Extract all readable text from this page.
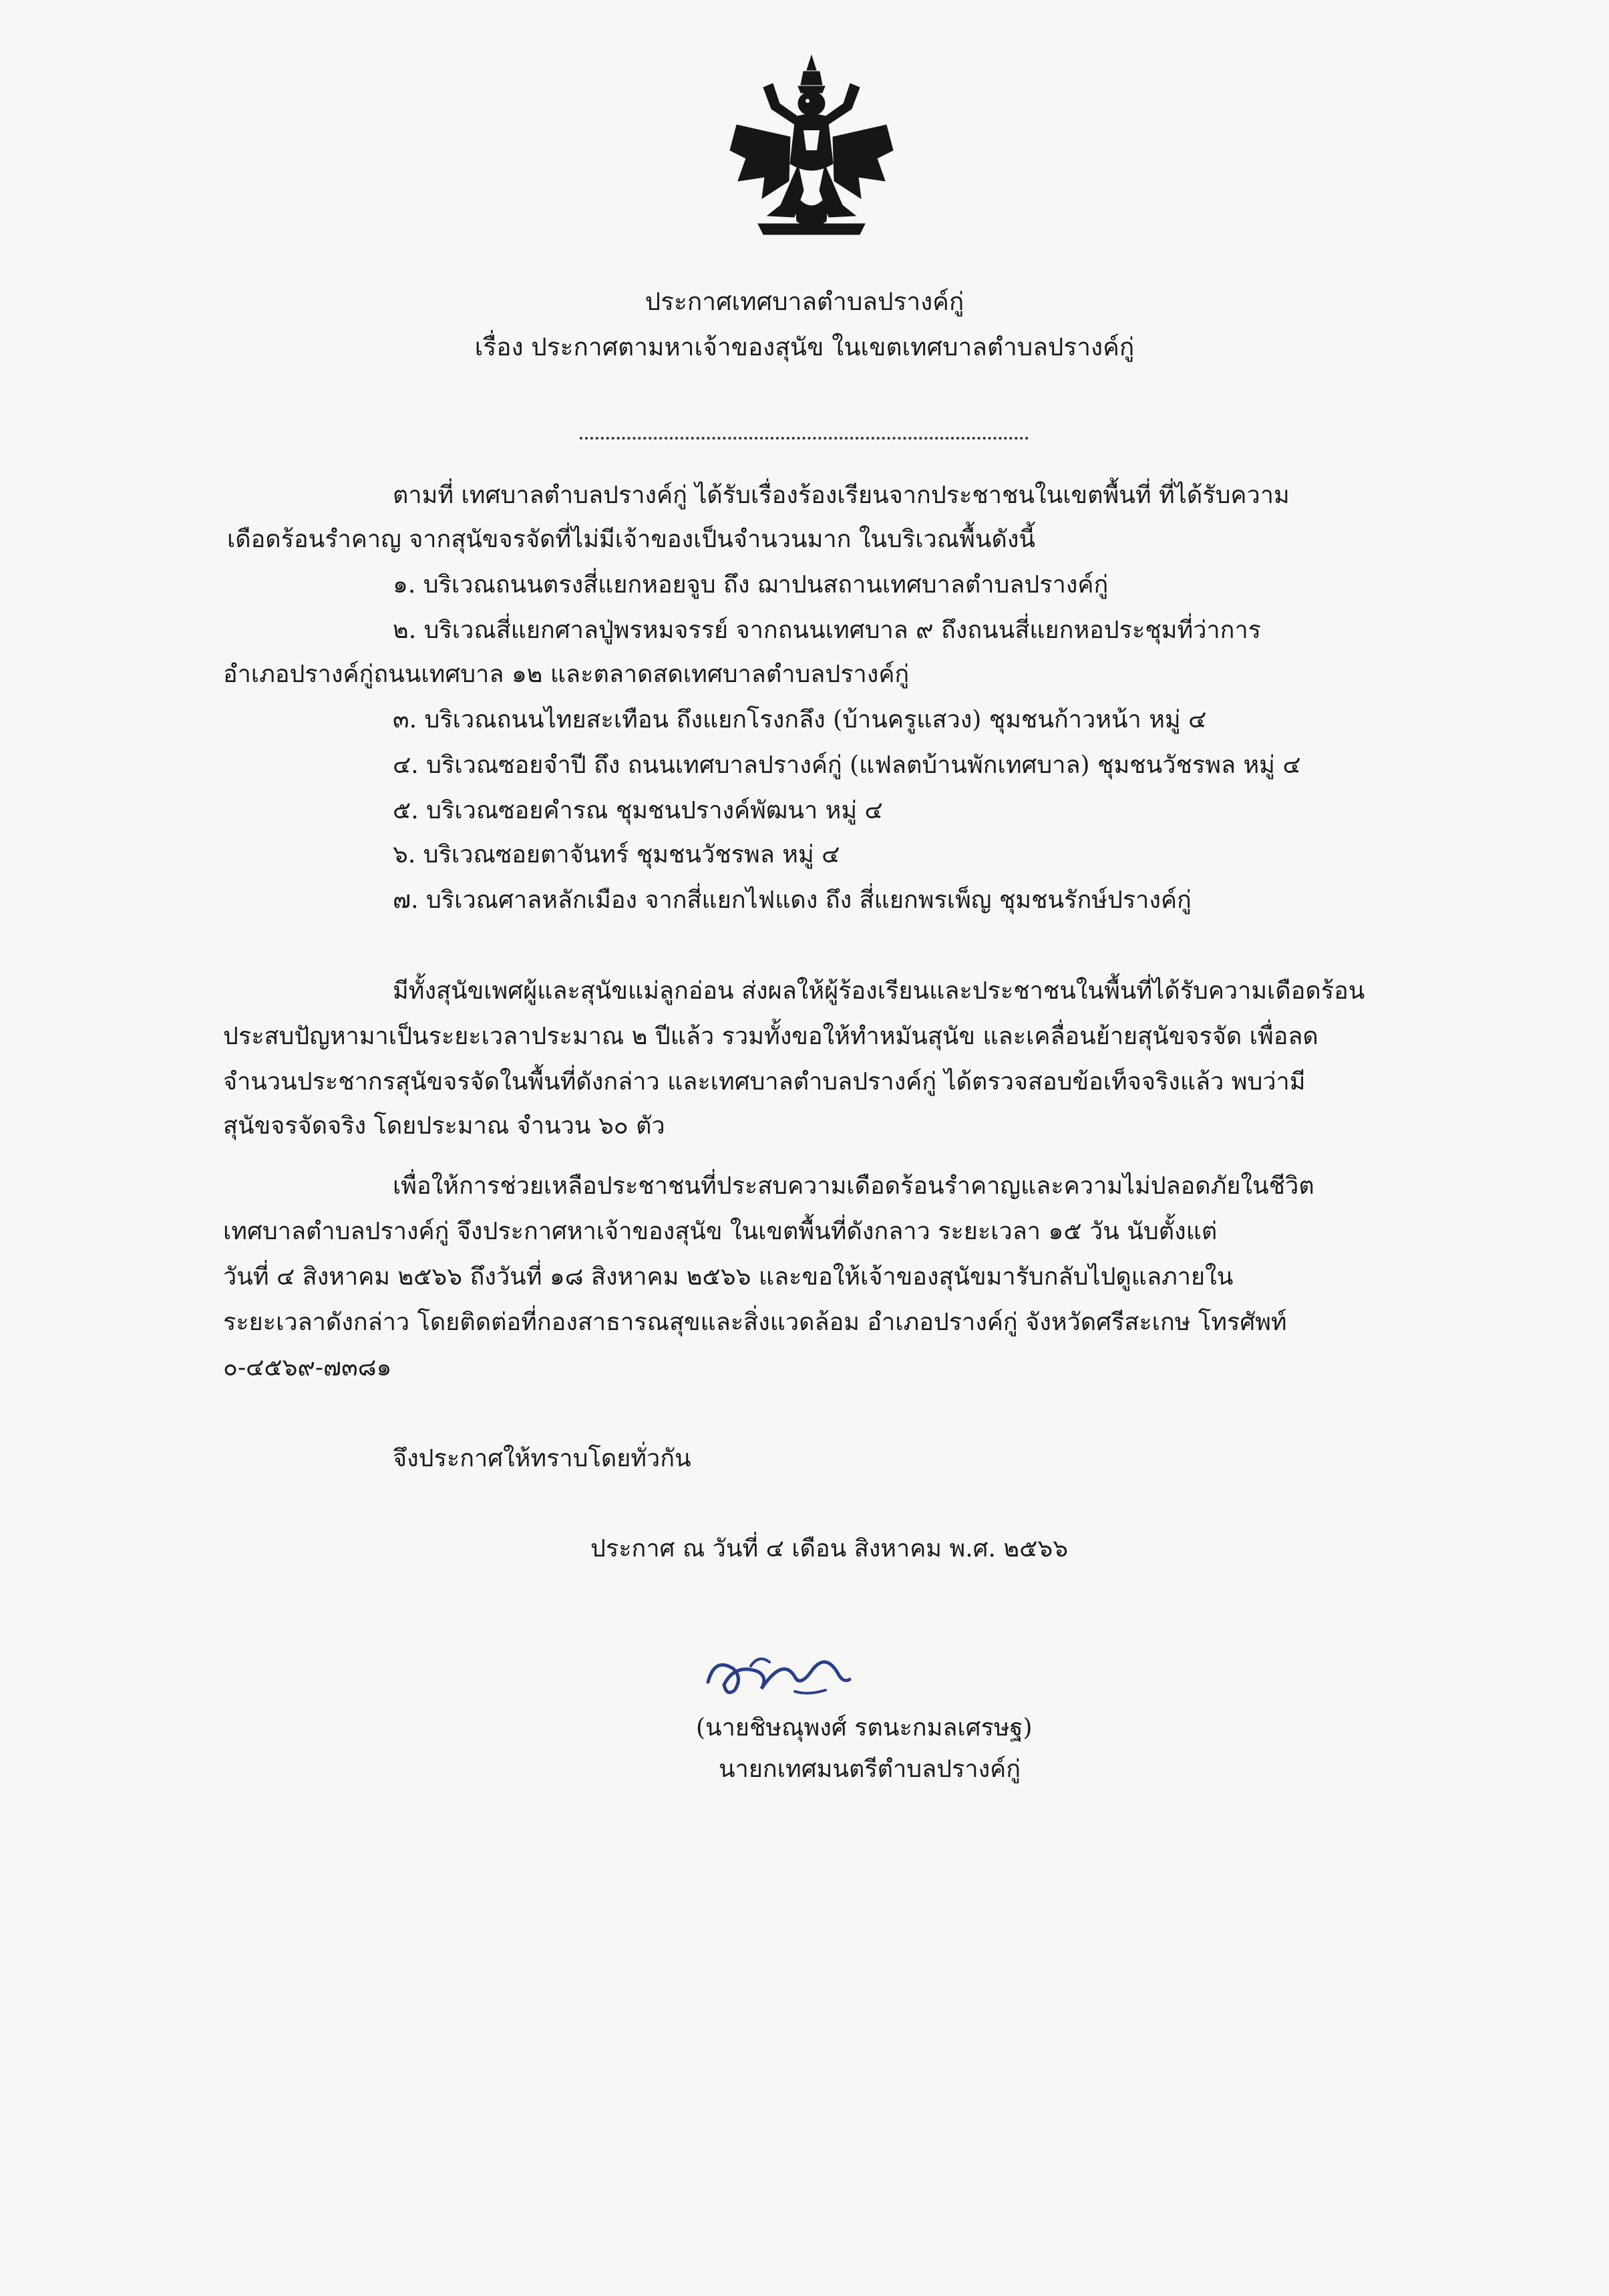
ประกาศเทศบาลตำบลปรางค์กู่
เรื่อง ประกาศตามหาเจ้าของสุนัข ในเขตเทศบาลตำบลปรางค์กู่
ตามที่ เทศบาลตำบลปรางค์กู่ ได้รับเรื่องร้องเรียนจากประชาชนในเขตพื้นที่ ที่ได้รับความ
เดือดร้อนรำคาญ จากสุนัขจรจัดที่ไม่มีเจ้าของเป็นจำนวนมาก ในบริเวณพื้นดังนี้
๑. บริเวณถนนตรงสี่แยกหอยจูบ ถึง ฌาปนสถานเทศบาลตำบลปรางค์กู่
๒. บริเวณสี่แยกศาลปู่พรหมจรรย์ จากถนนเทศบาล ๙ ถึงถนนสี่แยกหอประชุมที่ว่าการ
อำเภอปรางค์กู่ถนนเทศบาล ๑๒ และตลาดสดเทศบาลตำบลปรางค์กู่
๓. บริเวณถนนไทยสะเทือน ถึงแยกโรงกลึง (บ้านครูแสวง) ชุมชนก้าวหน้า หมู่ ๔
๔. บริเวณซอยจำปี ถึง ถนนเทศบาลปรางค์กู่ (แฟลตบ้านพักเทศบาล) ชุมชนวัชรพล หมู่ ๔
๕. บริเวณซอยคำรณ ชุมชนปรางค์พัฒนา หมู่ ๔
๖. บริเวณซอยตาจันทร์ ชุมชนวัชรพล หมู่ ๔
๗. บริเวณศาลหลักเมือง จากสี่แยกไฟแดง ถึง สี่แยกพรเพ็ญ ชุมชนรักษ์ปรางค์กู่
มีทั้งสุนัขเพศผู้และสุนัขแม่ลูกอ่อน ส่งผลให้ผู้ร้องเรียนและประชาชนในพื้นที่ได้รับความเดือดร้อน
ประสบปัญหามาเป็นระยะเวลาประมาณ ๒ ปีแล้ว รวมทั้งขอให้ทำหมันสุนัข และเคลื่อนย้ายสุนัขจรจัด เพื่อลด
จำนวนประชากรสุนัขจรจัดในพื้นที่ดังกล่าว และเทศบาลตำบลปรางค์กู่ ได้ตรวจสอบข้อเท็จจริงแล้ว พบว่ามี
สุนัขจรจัดจริง โดยประมาณ จำนวน ๖๐ ตัว
เพื่อให้การช่วยเหลือประชาชนที่ประสบความเดือดร้อนรำคาญและความไม่ปลอดภัยในชีวิต
เทศบาลตำบลปรางค์กู่ จึงประกาศหาเจ้าของสุนัข ในเขตพื้นที่ดังกลาว ระยะเวลา ๑๕ วัน นับตั้งแต่
วันที่ ๔ สิงหาคม ๒๕๖๖ ถึงวันที่ ๑๘ สิงหาคม ๒๕๖๖ และขอให้เจ้าของสุนัขมารับกลับไปดูแลภายใน
ระยะเวลาดังกล่าว โดยติดต่อที่กองสาธารณสุขและสิ่งแวดล้อม อำเภอปรางค์กู่ จังหวัดศรีสะเกษ โทรศัพท์
๐-๔๕๖๙-๗๓๘๑
จึงประกาศให้ทราบโดยทั่วกัน
ประกาศ ณ วันที่ ๔ เดือน สิงหาคม พ.ศ. ๒๕๖๖
(นายชิษณุพงศ์ รตนะกมลเศรษฐ)
นายกเทศมนตรีตำบลปรางค์กู่
